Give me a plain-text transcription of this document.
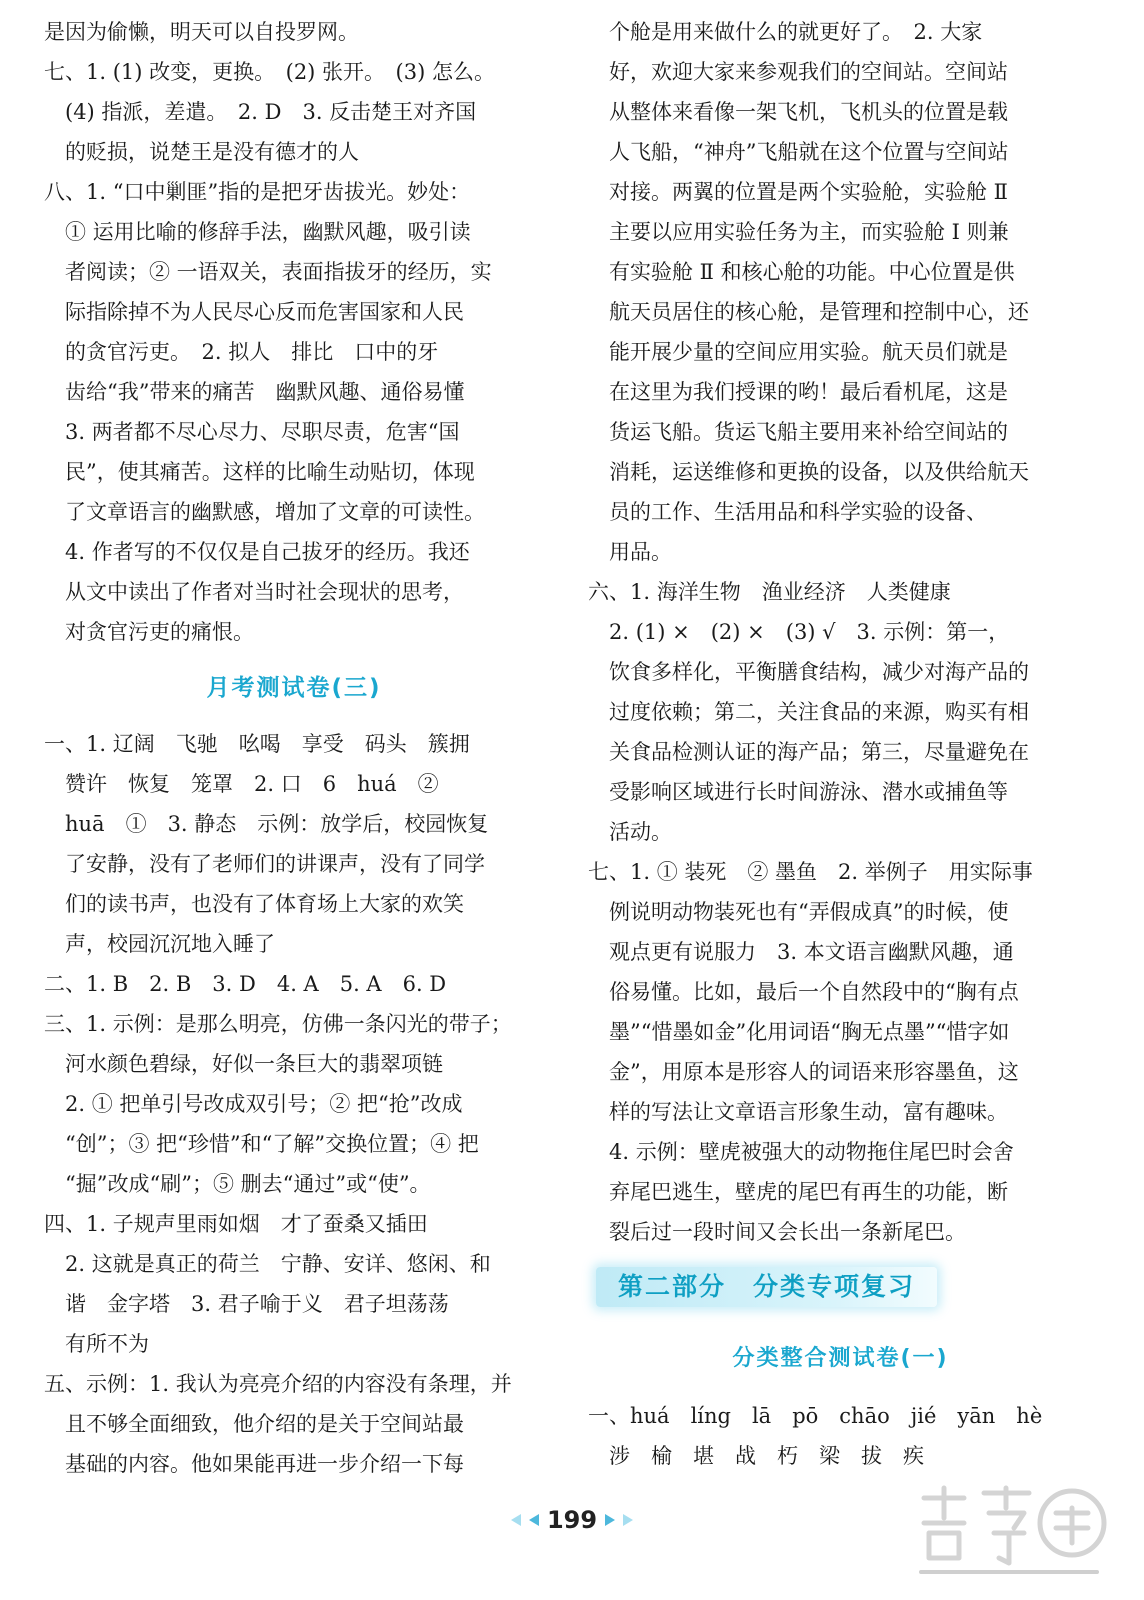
是因为偷懒，明天可以自投罗网。
七、1. (1) 改变，更换。　(2) 张开。　(3) 怎么。
　(4) 指派，差遣。　2. D　3. 反击楚王对齐国
　的贬损，说楚王是没有德才的人
八、1. “口中剿匪”指的是把牙齿拔光。妙处：
　① 运用比喻的修辞手法，幽默风趣，吸引读
　者阅读；② 一语双关，表面指拔牙的经历，实
　际指除掉不为人民尽心反而危害国家和人民
　的贪官污吏。　2. 拟人　排比　口中的牙
　齿给“我”带来的痛苦　幽默风趣、通俗易懂
　3. 两者都不尽心尽力、尽职尽责，危害“国
　民”，使其痛苦。这样的比喻生动贴切，体现
　了文章语言的幽默感，增加了文章的可读性。
　4. 作者写的不仅仅是自己拔牙的经历。我还
　从文中读出了作者对当时社会现状的思考，
　对贪官污吏的痛恨。
月考测试卷(三)
一、1. 辽阔　飞驰　吆喝　享受　码头　簇拥
　赞许　恢复　笼罩　2. 口　6　huá　②
　huā　①　3. 静态　示例：放学后，校园恢复
　了安静，没有了老师们的讲课声，没有了同学
　们的读书声，也没有了体育场上大家的欢笑
　声，校园沉沉地入睡了
二、1. B　2. B　3. D　4. A　5. A　6. D
三、1. 示例：是那么明亮，仿佛一条闪光的带子；
　河水颜色碧绿，好似一条巨大的翡翠项链
　2. ① 把单引号改成双引号；② 把“抢”改成
　“创”；③ 把“珍惜”和“了解”交换位置；④ 把
　“掘”改成“刷”；⑤ 删去“通过”或“使”。
四、1. 子规声里雨如烟　才了蚕桑又插田
　2. 这就是真正的荷兰　宁静、安详、悠闲、和
　谐　金字塔　3. 君子喻于义　君子坦荡荡
　有所不为
五、示例：1. 我认为亮亮介绍的内容没有条理，并
　且不够全面细致，他介绍的是关于空间站最
　基础的内容。他如果能再进一步介绍一下每
　个舱是用来做什么的就更好了。　2. 大家
　好，欢迎大家来参观我们的空间站。空间站
　从整体来看像一架飞机，飞机头的位置是载
　人飞船，“神舟”飞船就在这个位置与空间站
　对接。两翼的位置是两个实验舱，实验舱 Ⅱ
　主要以应用实验任务为主，而实验舱 Ⅰ 则兼
　有实验舱 Ⅱ 和核心舱的功能。中心位置是供
　航天员居住的核心舱，是管理和控制中心，还
　能开展少量的空间应用实验。航天员们就是
　在这里为我们授课的哟！最后看机尾，这是
　货运飞船。货运飞船主要用来补给空间站的
　消耗，运送维修和更换的设备，以及供给航天
　员的工作、生活用品和科学实验的设备、
　用品。
六、1. 海洋生物　渔业经济　人类健康
　2. (1) ×　(2) ×　(3) √　3. 示例：第一，
　饮食多样化，平衡膳食结构，减少对海产品的
　过度依赖；第二，关注食品的来源，购买有相
　关食品检测认证的海产品；第三，尽量避免在
　受影响区域进行长时间游泳、潜水或捕鱼等
　活动。
七、1. ① 装死　② 墨鱼　2. 举例子　用实际事
　例说明动物装死也有“弄假成真”的时候，使
　观点更有说服力　3. 本文语言幽默风趣，通
　俗易懂。比如，最后一个自然段中的“胸有点
　墨”“惜墨如金”化用词语“胸无点墨”“惜字如
　金”，用原本是形容人的词语来形容墨鱼，这
　样的写法让文章语言形象生动，富有趣味。
　4. 示例：壁虎被强大的动物拖住尾巴时会舍
　弃尾巴逃生，壁虎的尾巴有再生的功能，断
　裂后过一段时间又会长出一条新尾巴。
第二部分　分类专项复习
分类整合测试卷(一)
一、huá　líng　lā　pō　chāo　jié　yān　hè
　涉　榆　堪　战　朽　梁　拔　疾
199
